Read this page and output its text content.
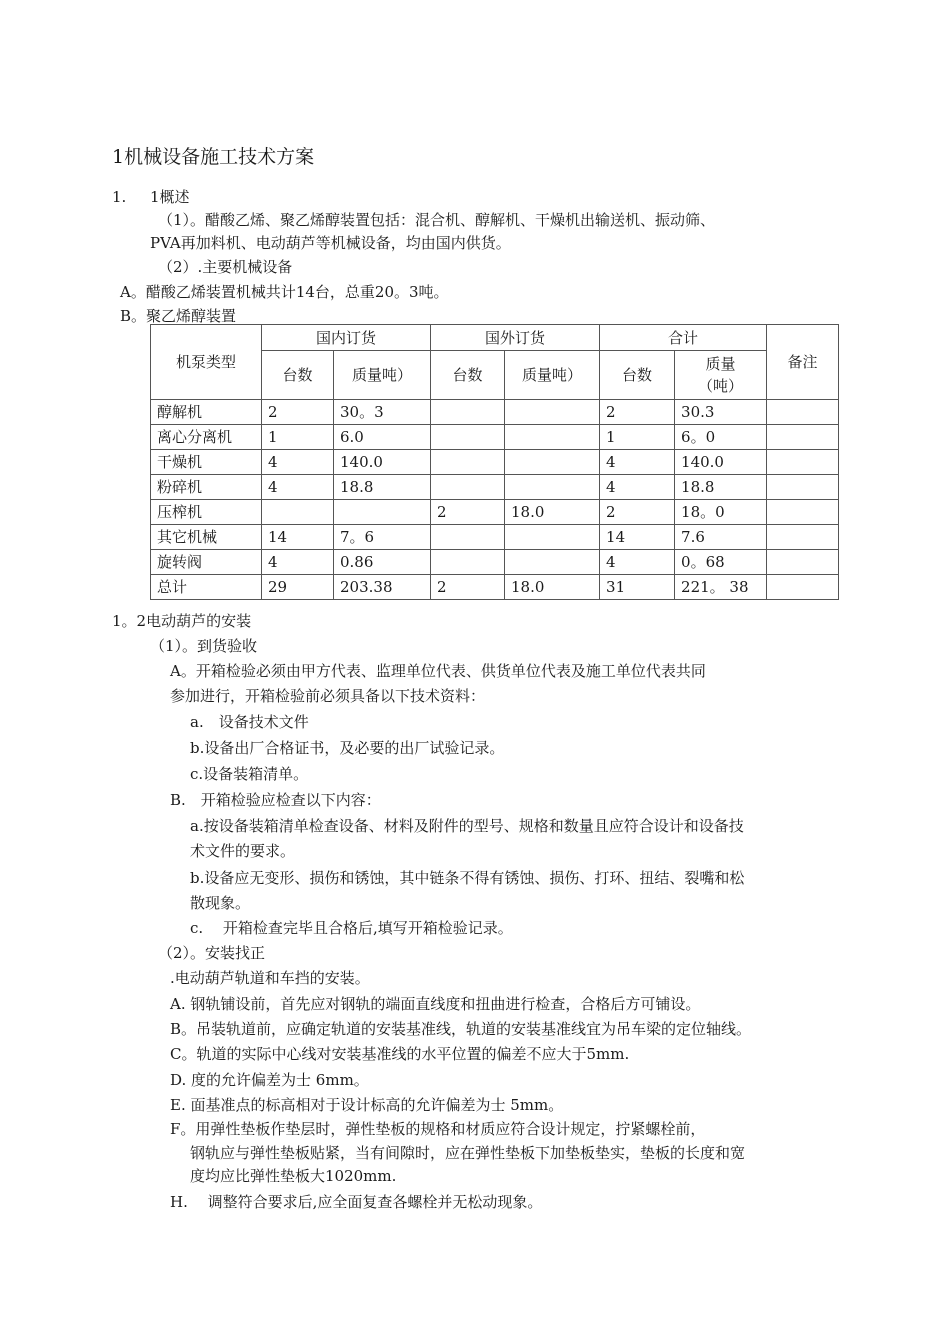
1机械设备施工技术方案
1. 1概述
（1）。醋酸乙烯、聚乙烯醇装置包括：混合机、醇解机、干燥机出输送机、振动筛、
PVA再加料机、电动葫芦等机械设备，均由国内供货。
（2）.主要机械设备
A。醋酸乙烯装置机械共计14台，总重20。3吨。
B。聚乙烯醇装置
机泵类型	国内订货		国外订货		合计		备注
	台数	质量吨）	台数	质量吨）	台数	质量
（吨）	

醇解机	2	30。3			2	30.3	
离心分离机	1	6.0			1	6。0	
干燥机	4	140.0			4	140.0	
粉碎机	4	18.8			4	18.8	
压榨机			2	18.0	2	18。0	
其它机械	14	7。6			14	7.6	
旋转阀	4	0.86			4	0。68	
总计	29	203.38	2	18.0	31	221。 38	
1。2电动葫芦的安装
（1）。到货验收
A。开箱检验必须由甲方代表、监理单位代表、供货单位代表及施工单位代表共同
参加进行，开箱检验前必须具备以下技术资料：
a.　设备技术文件
b.设备出厂合格证书，及必要的出厂试验记录。
c.设备装箱清单。
B.　开箱检验应检查以下内容：
a.按设备装箱清单检查设备、材料及附件的型号、规格和数量且应符合设计和设备技
术文件的要求。
b.设备应无变形、损伤和锈蚀，其中链条不得有锈蚀、损伤、打环、扭结、裂嘴和松
散现象。
c.　 开箱检查完毕且合格后,填写开箱检验记录。
（2）。安装找正
.电动葫芦轨道和车挡的安装。
A. 钢轨铺设前，首先应对钢轨的端面直线度和扭曲进行检查，合格后方可铺设。
B。吊装轨道前，应确定轨道的安装基准线，轨道的安装基准线宜为吊车梁的定位轴线。
C。轨道的实际中心线对安装基准线的水平位置的偏差不应大于5mm.
D. 度的允许偏差为士 6mm。
E. 面基准点的标高相对于设计标高的允许偏差为士 5mm。
F。用弹性垫板作垫层时，弹性垫板的规格和材质应符合设计规定，拧紧螺栓前，
钢轨应与弹性垫板贴紧，当有间隙时，应在弹性垫板下加垫板垫实，垫板的长度和宽
度均应比弹性垫板大1020mm.
H.　 调整符合要求后,应全面复查各螺栓并无松动现象。
